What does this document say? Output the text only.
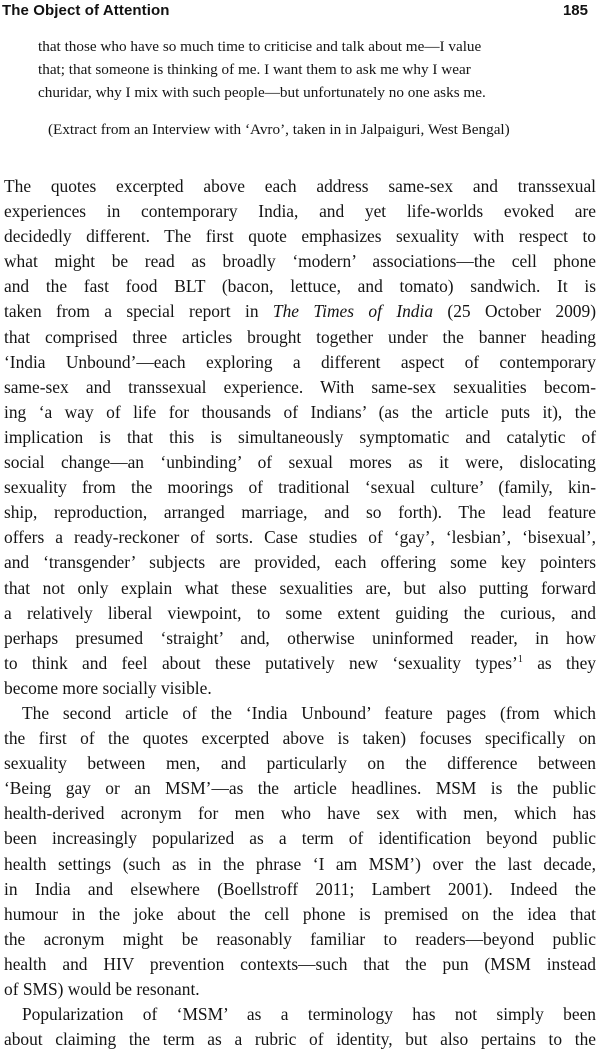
The Object of Attention	185
that those who have so much time to criticise and talk about me—I value
that; that someone is thinking of me. I want them to ask me why I wear
churidar, why I mix with such people—but unfortunately no one asks me.
(Extract from an Interview with ‘Avro’, taken in in Jalpaiguri, West Bengal)
The quotes excerpted above each address same-sex and transsexual
experiences in contemporary India, and yet life-worlds evoked are
decidedly different. The first quote emphasizes sexuality with respect to
what might be read as broadly ‘modern’ associations—the cell phone
and the fast food BLT (bacon, lettuce, and tomato) sandwich. It is
taken from a special report in The Times of India (25 October 2009)
that comprised three articles brought together under the banner heading
‘India Unbound’—each exploring a different aspect of contemporary
same-sex and transsexual experience. With same-sex sexualities becom-
ing ‘a way of life for thousands of Indians’ (as the article puts it), the
implication is that this is simultaneously symptomatic and catalytic of
social change—an ‘unbinding’ of sexual mores as it were, dislocating
sexuality from the moorings of traditional ‘sexual culture’ (family, kin-
ship, reproduction, arranged marriage, and so forth). The lead feature
offers a ready-reckoner of sorts. Case studies of ‘gay’, ‘lesbian’, ‘bisexual’,
and ‘transgender’ subjects are provided, each offering some key pointers
that not only explain what these sexualities are, but also putting forward
a relatively liberal viewpoint, to some extent guiding the curious, and
perhaps presumed ‘straight’ and, otherwise uninformed reader, in how
to think and feel about these putatively new ‘sexuality types’$^1$ as they
become more socially visible.
The second article of the ‘India Unbound’ feature pages (from which
the first of the quotes excerpted above is taken) focuses specifically on
sexuality between men, and particularly on the difference between
‘Being gay or an MSM’—as the article headlines. MSM is the public
health-derived acronym for men who have sex with men, which has
been increasingly popularized as a term of identification beyond public
health settings (such as in the phrase ‘I am MSM’) over the last decade,
in India and elsewhere (Boellstroff 2011; Lambert 2001). Indeed the
humour in the joke about the cell phone is premised on the idea that
the acronym might be reasonably familiar to readers—beyond public
health and HIV prevention contexts—such that the pun (MSM instead
of SMS) would be resonant.
Popularization of ‘MSM’ as a terminology has not simply been
about claiming the term as a rubric of identity, but also pertains to the
